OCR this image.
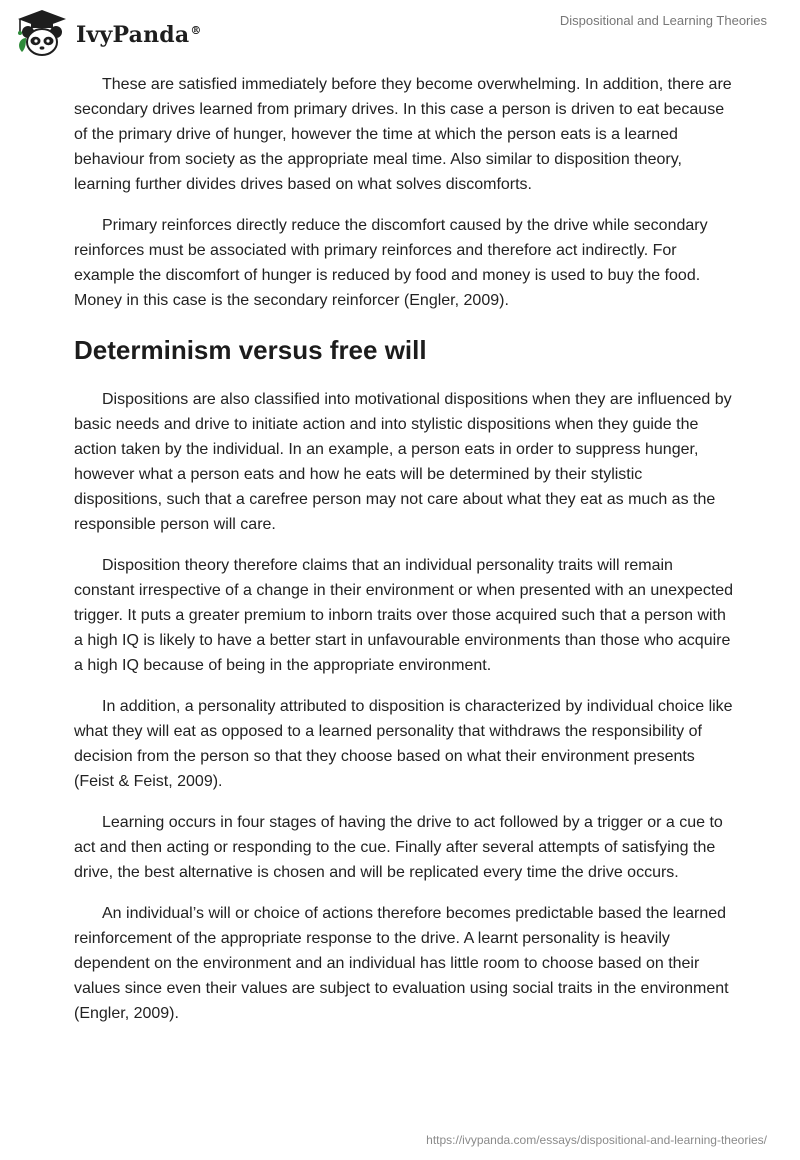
IvyPanda®
Dispositional and Learning Theories

These are satisfied immediately before they become overwhelming. In addition, there are secondary drives learned from primary drives. In this case a person is driven to eat because of the primary drive of hunger, however the time at which the person eats is a learned behaviour from society as the appropriate meal time. Also similar to disposition theory, learning further divides drives based on what solves discomforts.

Primary reinforces directly reduce the discomfort caused by the drive while secondary reinforces must be associated with primary reinforces and therefore act indirectly. For example the discomfort of hunger is reduced by food and money is used to buy the food. Money in this case is the secondary reinforcer (Engler, 2009).

Determinism versus free will

Dispositions are also classified into motivational dispositions when they are influenced by basic needs and drive to initiate action and into stylistic dispositions when they guide the action taken by the individual. In an example, a person eats in order to suppress hunger, however what a person eats and how he eats will be determined by their stylistic dispositions, such that a carefree person may not care about what they eat as much as the responsible person will care.

Disposition theory therefore claims that an individual personality traits will remain constant irrespective of a change in their environment or when presented with an unexpected trigger. It puts a greater premium to inborn traits over those acquired such that a person with a high IQ is likely to have a better start in unfavourable environments than those who acquire a high IQ because of being in the appropriate environment.

In addition, a personality attributed to disposition is characterized by individual choice like what they will eat as opposed to a learned personality that withdraws the responsibility of decision from the person so that they choose based on what their environment presents (Feist & Feist, 2009).

Learning occurs in four stages of having the drive to act followed by a trigger or a cue to act and then acting or responding to the cue. Finally after several attempts of satisfying the drive, the best alternative is chosen and will be replicated every time the drive occurs.

An individual’s will or choice of actions therefore becomes predictable based the learned reinforcement of the appropriate response to the drive. A learnt personality is heavily dependent on the environment and an individual has little room to choose based on their values since even their values are subject to evaluation using social traits in the environment (Engler, 2009).

https://ivypanda.com/essays/dispositional-and-learning-theories/
